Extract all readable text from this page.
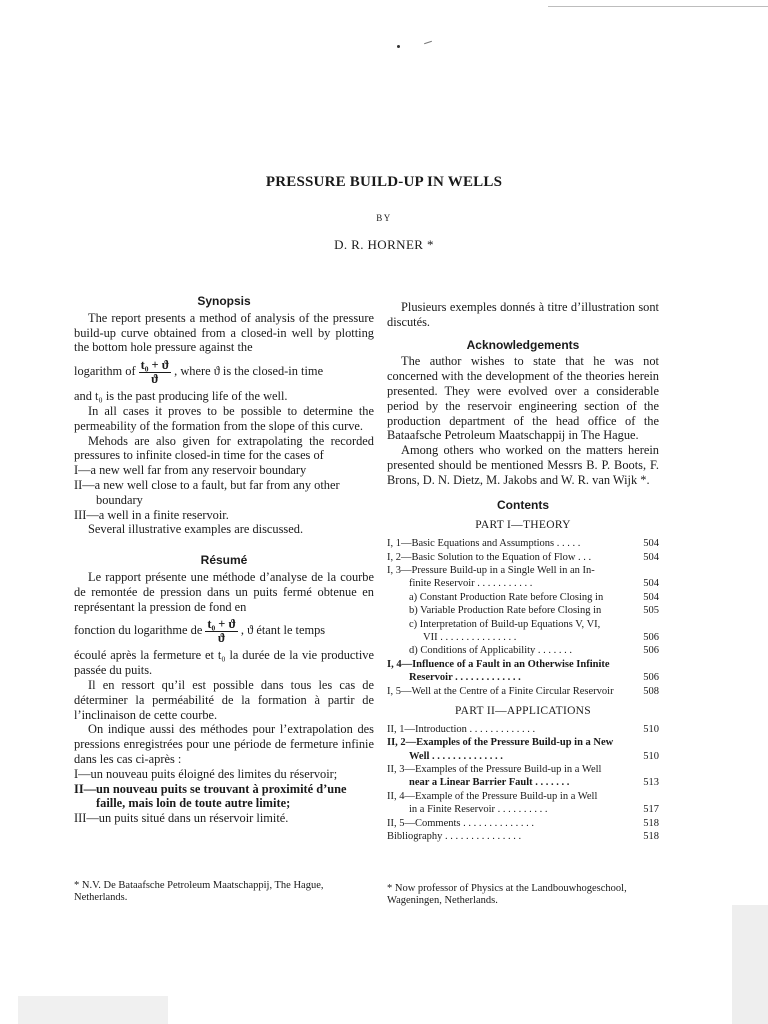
PRESSURE BUILD-UP IN WELLS
BY
D. R. HORNER *
Synopsis

The report presents a method of analysis of the pressure build-up curve obtained from a closed-in well by plotting the bottom hole pressure against the

logarithm of $\frac{\text{t₀ + ϑ}}{ϑ}$ , where ϑ is the closed-in time

and t₀ is the past producing life of the well.

In all cases it proves to be possible to determine the permeability of the formation from the slope of this curve.

Mehods are also given for extrapolating the recorded pressures to infinite closed-in time for the cases of

I—a new well far from any reservoir boundary

II—a new well close to a fault, but far from any other boundary

III—a well in a finite reservoir.

Several illustrative examples are discussed.

Résumé

Le rapport présente une méthode d’analyse de la courbe de remontée de pression dans un puits fermé obtenue en représentant la pression de fond en

fonction du logarithme de $\frac{\text{t₀ + ϑ}}{ϑ}$ , ϑ étant le temps

écoulé après la fermeture et t₀ la durée de la vie productive passée du puits.

Il en ressort qu’il est possible dans tous les cas de déterminer la perméabilité de la formation à partir de l’inclinaison de cette courbe.

On indique aussi des méthodes pour l’extrapolation des pressions enregistrées pour une période de fermeture infinie dans les cas ci-après :

I—un nouveau puits éloigné des limites du réservoir;

II—un nouveau puits se trouvant à proximité d’une faille, mais loin de toute autre limite;

III—un puits situé dans un réservoir limité.

* N.V. De Bataafsche Petroleum Maatschappij, The Hague, Netherlands.

Plusieurs exemples donnés à titre d’illustration sont discutés.

Acknowledgements

The author wishes to state that he was not concerned with the development of the theories herein presented. They were evolved over a considerable period by the reservoir engineering section of the production department of the head office of the Bataafsche Petroleum Maatschappij in The Hague.

Among others who worked on the matters herein presented should be mentioned Messrs B. P. Boots, F. Brons, D. N. Dietz, M. Jakobs and W. R. van Wijk *.

Contents
PART I—THEORY
I, 1—Basic Equations and Assumptions . . . . .	504
I, 2—Basic Solution to the Equation of Flow . . .	504
I, 3—Pressure Build-up in a Single Well in an In-
finite Reservoir . . . . . . . . . . .	504
a) Constant Production Rate before Closing in	504
b) Variable Production Rate before Closing in	505
c) Interpretation of Build-up Equations V, VI,
VII . . . . . . . . . . . . . . .	506
d) Conditions of Applicability . . . . . . .	506
I, 4—Influence of a Fault in an Otherwise Infinite
Reservoir . . . . . . . . . . . . .	506
I, 5—Well at the Centre of a Finite Circular Reservoir	508
PART II—APPLICATIONS
II, 1—Introduction . . . . . . . . . . . . .	510
II, 2—Examples of the Pressure Build-up in a New
Well . . . . . . . . . . . . . .	510
II, 3—Examples of the Pressure Build-up in a Well
near a Linear Barrier Fault . . . . . . .	513
II, 4—Example of the Pressure Build-up in a Well
in a Finite Reservoir . . . . . . . . . .	517
II, 5—Comments . . . . . . . . . . . . . .	518
Bibliography . . . . . . . . . . . . . . .	518
* Now professor of Physics at the Landbouwhogeschool, Wageningen, Netherlands.
